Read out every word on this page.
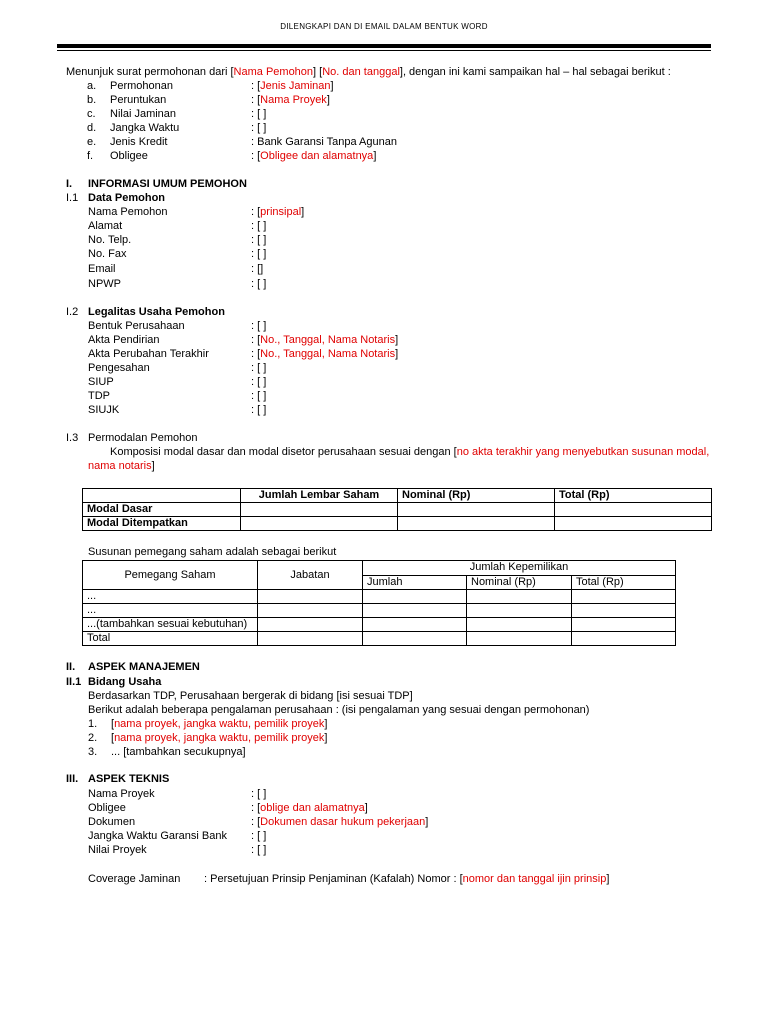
DILENGKAPI DAN DI EMAIL DALAM BENTUK WORD
Menunjuk surat permohonan dari [Nama Pemohon] [No. dan tanggal], dengan ini kami sampaikan hal – hal sebagai berikut :
a. Permohonan	: [Jenis Jaminan]
b. Peruntukan	: [Nama Proyek]
c. Nilai Jaminan	: [ ]
d. Jangka Waktu	: [ ]
e. Jenis Kredit	: Bank Garansi Tanpa Agunan
f. Obligee	: [Obligee dan alamatnya]
I. INFORMASI UMUM PEMOHON
I.1 Data Pemohon
Nama Pemohon	: [prinsipal]
Alamat	: [ ]
No. Telp.	: [ ]
No. Fax	: [ ]
Email	: []
NPWP	: [ ]
I.2 Legalitas Usaha Pemohon
Bentuk Perusahaan	: [ ]
Akta Pendirian	: [No., Tanggal, Nama Notaris]
Akta Perubahan Terakhir	: [No., Tanggal, Nama Notaris]
Pengesahan	: [ ]
SIUP	: [ ]
TDP	: [ ]
SIUJK	: [ ]
I.3 Permodalan Pemohon
Komposisi modal dasar dan modal disetor perusahaan sesuai dengan [no akta terakhir yang menyebutkan susunan modal,
nama notaris]
	Jumlah Lembar Saham	Nominal (Rp)	Total (Rp)
Modal Dasar			
Modal Ditempatkan			
Susunan pemegang saham adalah sebagai berikut
Pemegang Saham	Jabatan	Jumlah Kepemilikan		
		Jumlah	Nominal (Rp)	Total (Rp)
...				
...				
...(tambahkan sesuai kebutuhan)				
Total				
II. ASPEK MANAJEMEN
II.1 Bidang Usaha
Berdasarkan TDP, Perusahaan bergerak di bidang [isi sesuai TDP]
Berikut adalah beberapa pengalaman perusahaan : (isi pengalaman yang sesuai dengan permohonan)
1. [nama proyek, jangka waktu, pemilik proyek]
2. [nama proyek, jangka waktu, pemilik proyek]
3. ... [tambahkan secukupnya]
III. ASPEK TEKNIS
Nama Proyek	: [ ]
Obligee	: [oblige dan alamatnya]
Dokumen	: [Dokumen dasar hukum pekerjaan]
Jangka Waktu Garansi Bank : [ ]
Nilai Proyek	: [ ]
Coverage Jaminan : Persetujuan Prinsip Penjaminan (Kafalah) Nomor : [nomor dan tanggal ijin prinsip]
